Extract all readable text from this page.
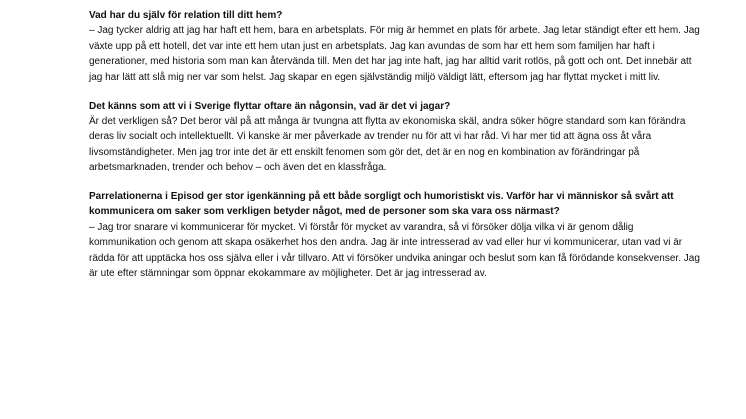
Vad har du själv för relation till ditt hem?

– Jag tycker aldrig att jag har haft ett hem, bara en arbetsplats. För mig är hemmet en plats för arbete. Jag letar ständigt efter ett hem. Jag växte upp på ett hotell, det var inte ett hem utan just en arbetsplats. Jag kan avundas de som har ett hem som familjen har haft i generationer, med historia som man kan återvända till. Men det har jag inte haft, jag har alltid varit rotlös, på gott och ont. Det innebär att jag har lätt att slå mig ner var som helst. Jag skapar en egen självständig miljö väldigt lätt, eftersom jag har flyttat mycket i mitt liv.

Det känns som att vi i Sverige flyttar oftare än någonsin, vad är det vi jagar?

Är det verkligen så? Det beror väl på att många är tvungna att flytta av ekonomiska skäl, andra söker högre standard som kan förändra deras liv socialt och intellektuellt. Vi kanske är mer påverkade av trender nu för att vi har råd. Vi har mer tid att ägna oss åt våra livsomständigheter. Men jag tror inte det är ett enskilt fenomen som gör det, det är en nog en kombination av förändringar på arbetsmarknaden, trender och behov – och även det en klassfråga.

Parrelationerna i Episod ger stor igenkänning på ett både sorgligt och humoristiskt vis. Varför har vi människor så svårt att kommunicera om saker som verkligen betyder något, med de personer som ska vara oss närmast?

– Jag tror snarare vi kommunicerar för mycket. Vi förstår för mycket av varandra, så vi försöker dölja vilka vi är genom dålig kommunikation och genom att skapa osäkerhet hos den andra. Jag är inte intresserad av vad eller hur vi kommunicerar, utan vad vi är rädda för att upptäcka hos oss själva eller i vår tillvaro. Att vi försöker undvika aningar och beslut som kan få förödande konsekvenser. Jag är ute efter stämningar som öppnar ekokammare av möjligheter. Det är jag intresserad av.
